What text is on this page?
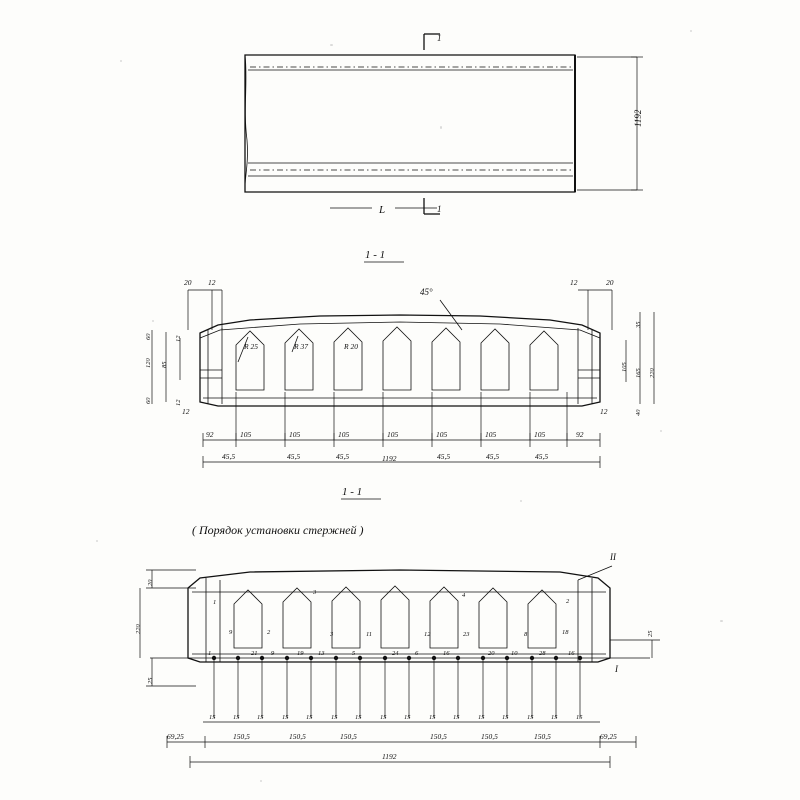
1
1
L
1192
1 - 1
R 25	R 37	R 20
45°
20 12	12	20
60	12
120 85
60	12
12
35
105
165 220
40
12
92	105	105	105	105	105	105	105	92
45,5	45,5	45,5	45,5	45,5	45,5
1192
1 - 1
( Порядок установки стержней )
I
II
1
3	4
2
9	2	3	11	12	23	8	18
1	21 9	19 13	5	24	6	16	20	10	28	16
20
220
25
25
15	15	15	15	15	15	15	15	15	15	15	15	15	15	15	15
150,5	150,5	150,5	150,5	150,5	150,5
69,25	69,25
1192
